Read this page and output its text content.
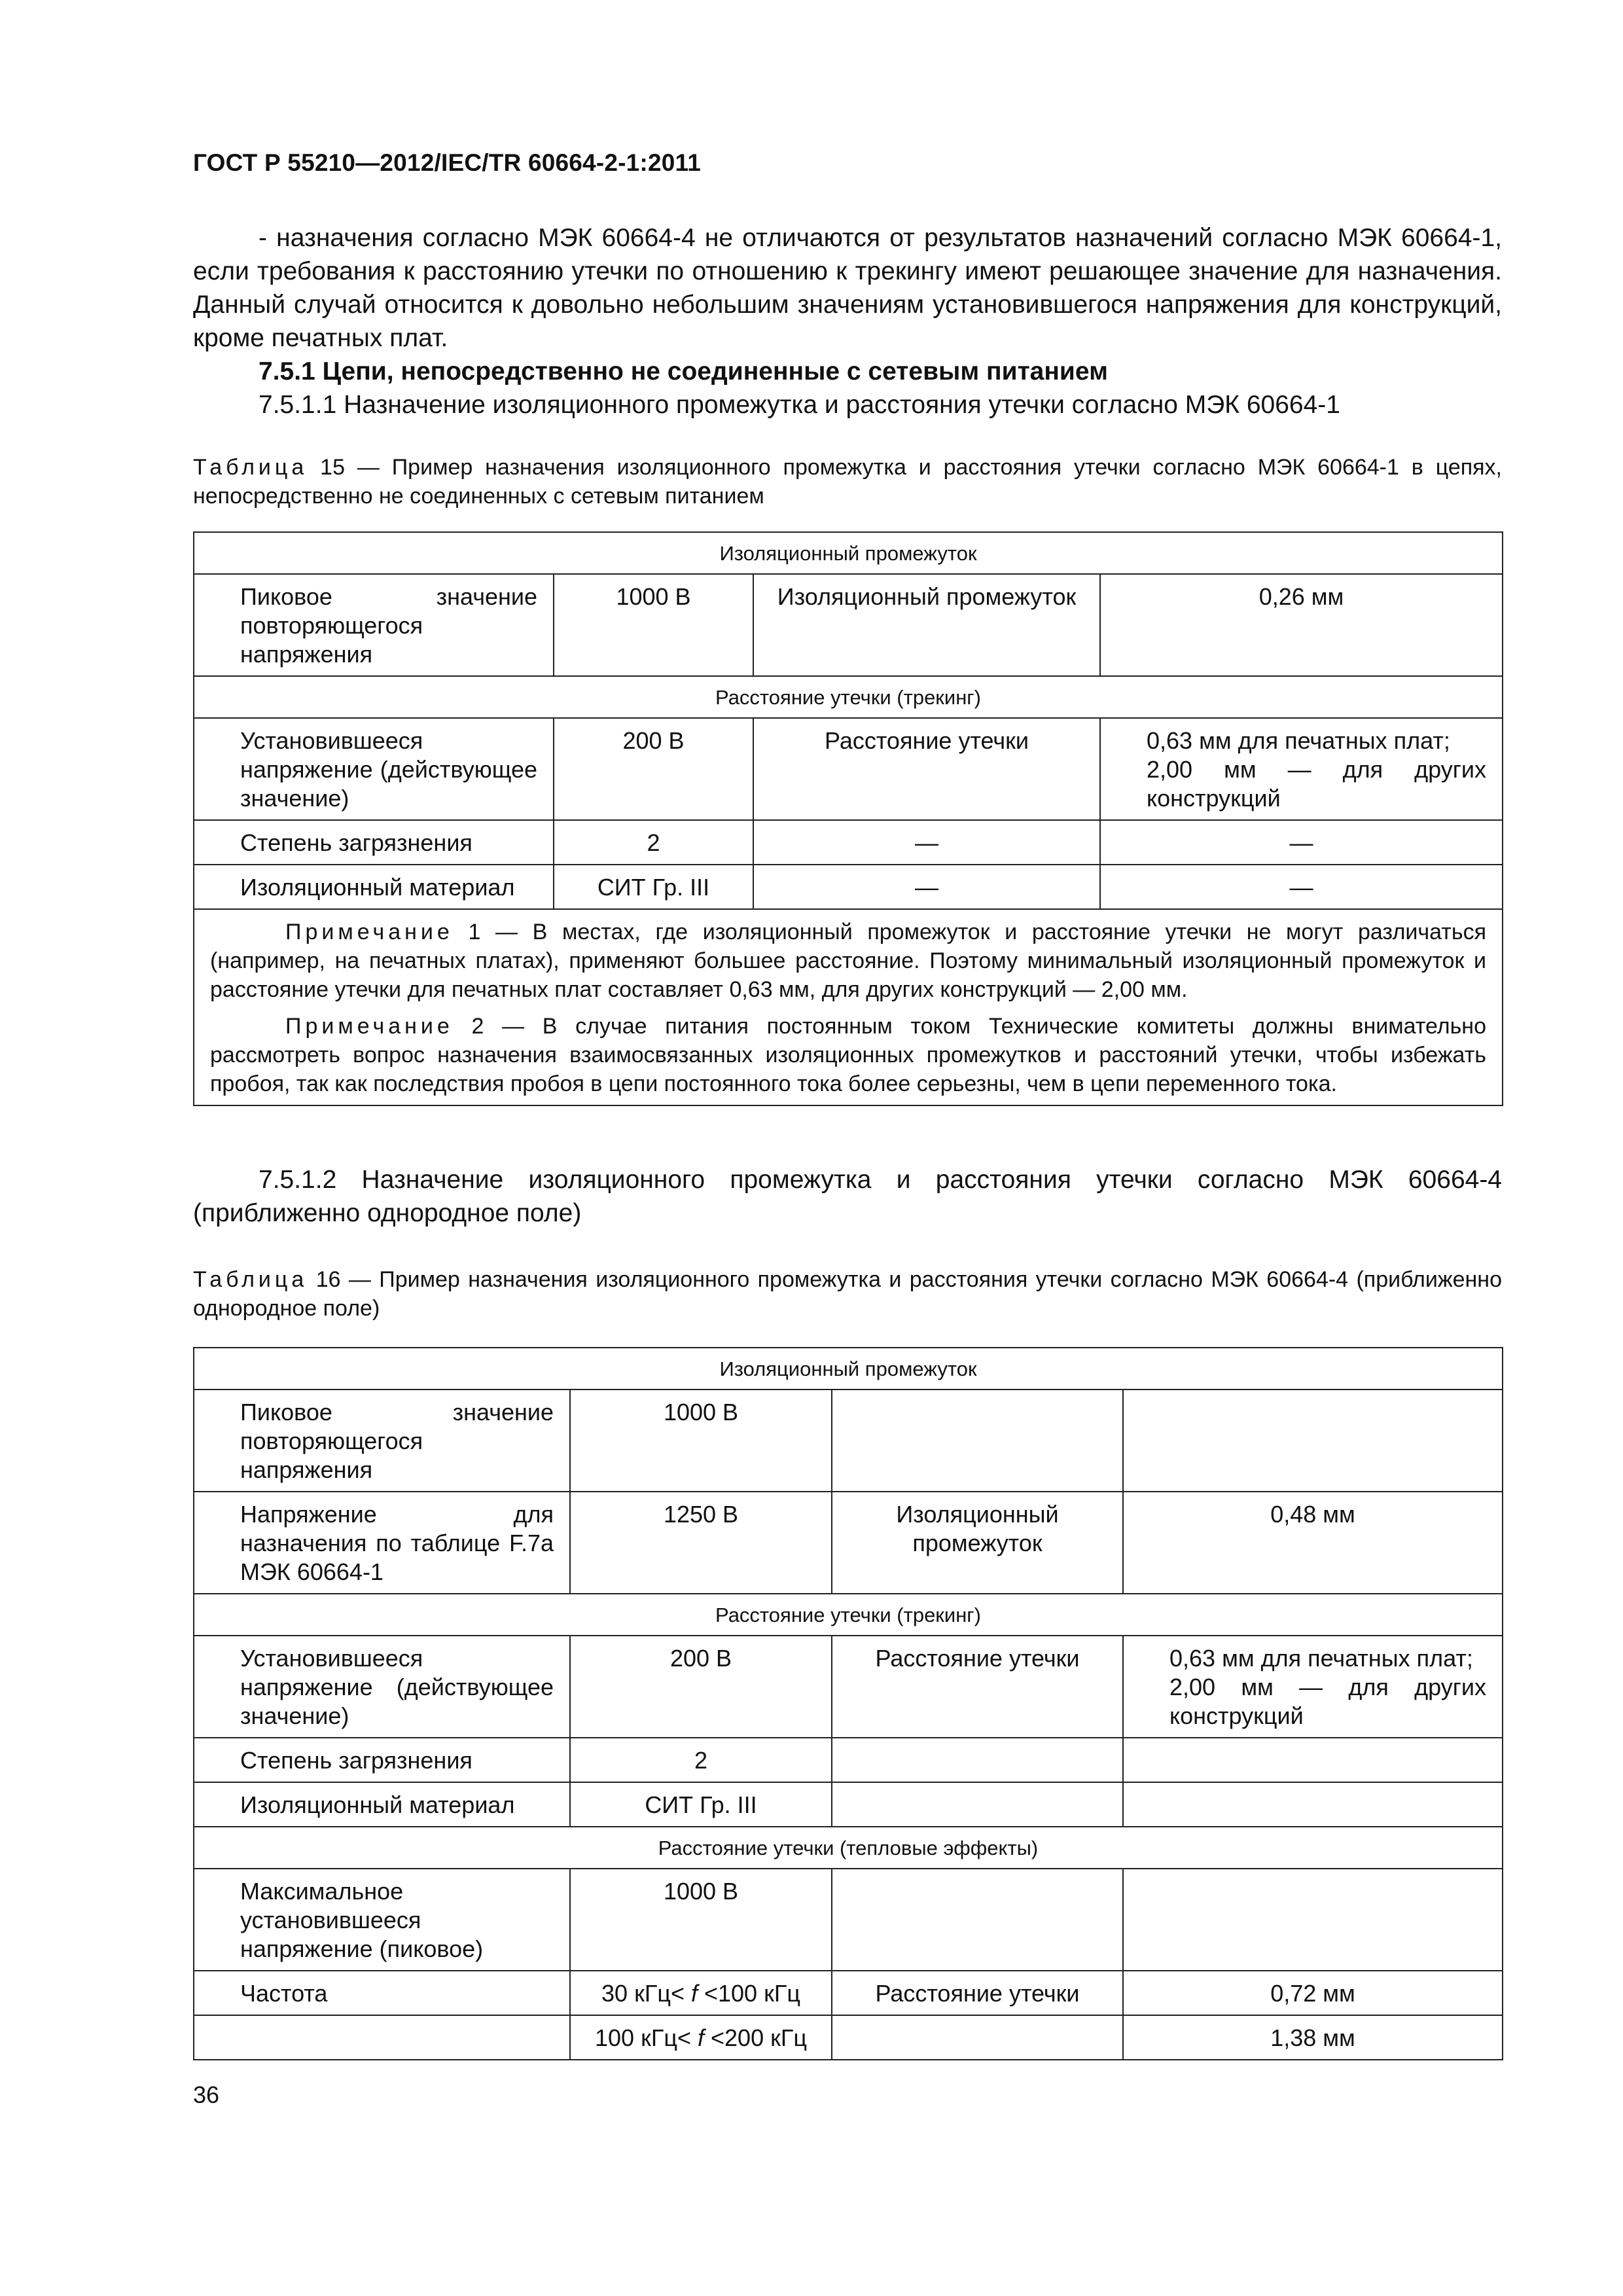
ГОСТ Р 55210—2012/IEC/TR 60664-2-1:2011
- назначения согласно МЭК 60664-4 не отличаются от результатов назначений согласно МЭК 60664-1, если требования к расстоянию утечки по отношению к трекингу имеют решающее значение для назначения. Данный случай относится к довольно небольшим значениям установившегося напряжения для конструкций, кроме печатных плат.
7.5.1 Цепи, непосредственно не соединенные с сетевым питанием
7.5.1.1 Назначение изоляционного промежутка и расстояния утечки согласно МЭК 60664-1
Таблица 15 — Пример назначения изоляционного промежутка и расстояния утечки согласно МЭК 60664-1 в цепях, непосредственно не соединенных с сетевым питанием
Изоляционный промежуток			
Пиковое значение повторяющегося напряжения	1000 В	Изоляционный промежуток	0,26 мм
Расстояние утечки (трекинг)			
Установившееся напряжение (действующее значение)	200 В	Расстояние утечки	0,63 мм для печатных плат;
2,00 мм — для других конструкций

Степень загрязнения	2	—	—
Изоляционный материал	СИТ Гр. III	—	—

Примечание 1 — В местах, где изоляционный промежуток и расстояние утечки не могут различаться (например, на печатных платах), применяют большее расстояние. Поэтому минимальный изоляционный промежуток и расстояние утечки для печатных плат составляет 0,63 мм, для других конструкций — 2,00 мм.

Примечание 2 — В случае питания постоянным током Технические комитеты должны внимательно рассмотреть вопрос назначения взаимосвязанных изоляционных промежутков и расстояний утечки, чтобы избежать пробоя, так как последствия пробоя в цепи постоянного тока более серьезны, чем в цепи переменного тока.			

7.5.1.2 Назначение изоляционного промежутка и расстояния утечки согласно МЭК 60664-4 (приближенно однородное поле)
Таблица 16 — Пример назначения изоляционного промежутка и расстояния утечки согласно МЭК 60664-4 (приближенно однородное поле)
Изоляционный промежуток			
Пиковое значение повторяющегося напряжения	1000 В		
Напряжение для назначения по таблице F.7a МЭК 60664-1	1250 В	Изоляционный промежуток	0,48 мм
Расстояние утечки (трекинг)			
Установившееся напряжение (действующее значение)	200 В	Расстояние утечки	0,63 мм для печатных плат;
2,00 мм — для других конструкций

Степень загрязнения	2		
Изоляционный материал	СИТ Гр. III		
Расстояние утечки (тепловые эффекты)			
Максимальное установившееся напряжение (пиковое)	1000 В		
Частота	30 кГц< f <100 кГц	Расстояние утечки	0,72 мм
	100 кГц< f <200 кГц		1,38 мм
36
